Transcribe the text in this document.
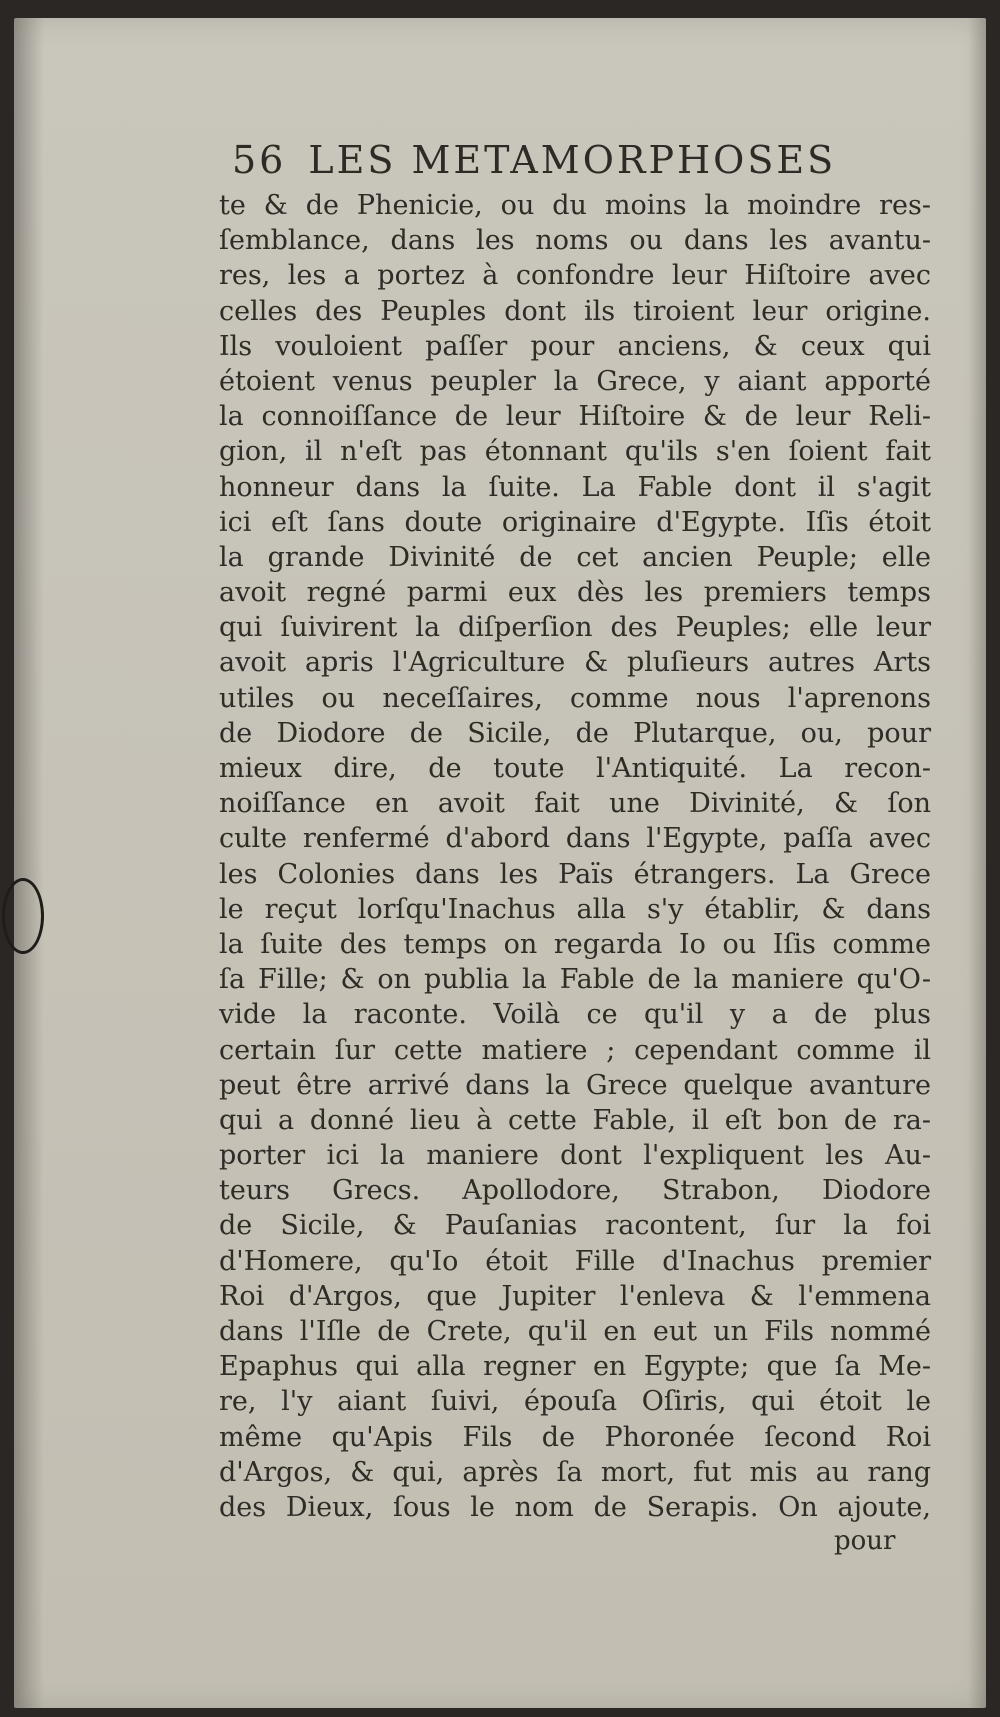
56 LES METAMORPHOSES
te & de Phenicie, ou du moins la moindre res-
ſemblance, dans les noms ou dans les avantu-
res, les a portez à confondre leur Hiſtoire avec
celles des Peuples dont ils tiroient leur origine.
Ils vouloient paſſer pour anciens, & ceux qui
étoient venus peupler la Grece, y aiant apporté
la connoiſſance de leur Hiſtoire & de leur Reli-
gion, il n'eſt pas étonnant qu'ils s'en ſoient fait
honneur dans la ſuite. La Fable dont il s'agit
ici eſt ſans doute originaire d'Egypte. Iſis étoit
la grande Divinité de cet ancien Peuple; elle
avoit regné parmi eux dès les premiers temps
qui ſuivirent la diſperſion des Peuples; elle leur
avoit apris l'Agriculture & pluſieurs autres Arts
utiles ou neceſſaires, comme nous l'aprenons
de Diodore de Sicile, de Plutarque, ou, pour
mieux dire, de toute l'Antiquité. La recon-
noiſſance en avoit fait une Divinité, & ſon
culte renfermé d'abord dans l'Egypte, paſſa avec
les Colonies dans les Païs étrangers. La Grece
le reçut lorſqu'Inachus alla s'y établir, & dans
la ſuite des temps on regarda Io ou Iſis comme
ſa Fille; & on publia la Fable de la maniere qu'O-
vide la raconte. Voilà ce qu'il y a de plus
certain ſur cette matiere ; cependant comme il
peut être arrivé dans la Grece quelque avanture
qui a donné lieu à cette Fable, il eſt bon de ra-
porter ici la maniere dont l'expliquent les Au-
teurs Grecs. Apollodore, Strabon, Diodore
de Sicile, & Pauſanias racontent, ſur la foi
d'Homere, qu'Io étoit Fille d'Inachus premier
Roi d'Argos, que Jupiter l'enleva & l'emmena
dans l'Iſle de Crete, qu'il en eut un Fils nommé
Epaphus qui alla regner en Egypte; que ſa Me-
re, l'y aiant ſuivi, épouſa Oſiris, qui étoit le
même qu'Apis Fils de Phoronée ſecond Roi
d'Argos, & qui, après ſa mort, fut mis au rang
des Dieux, ſous le nom de Serapis. On ajoute,
pour
